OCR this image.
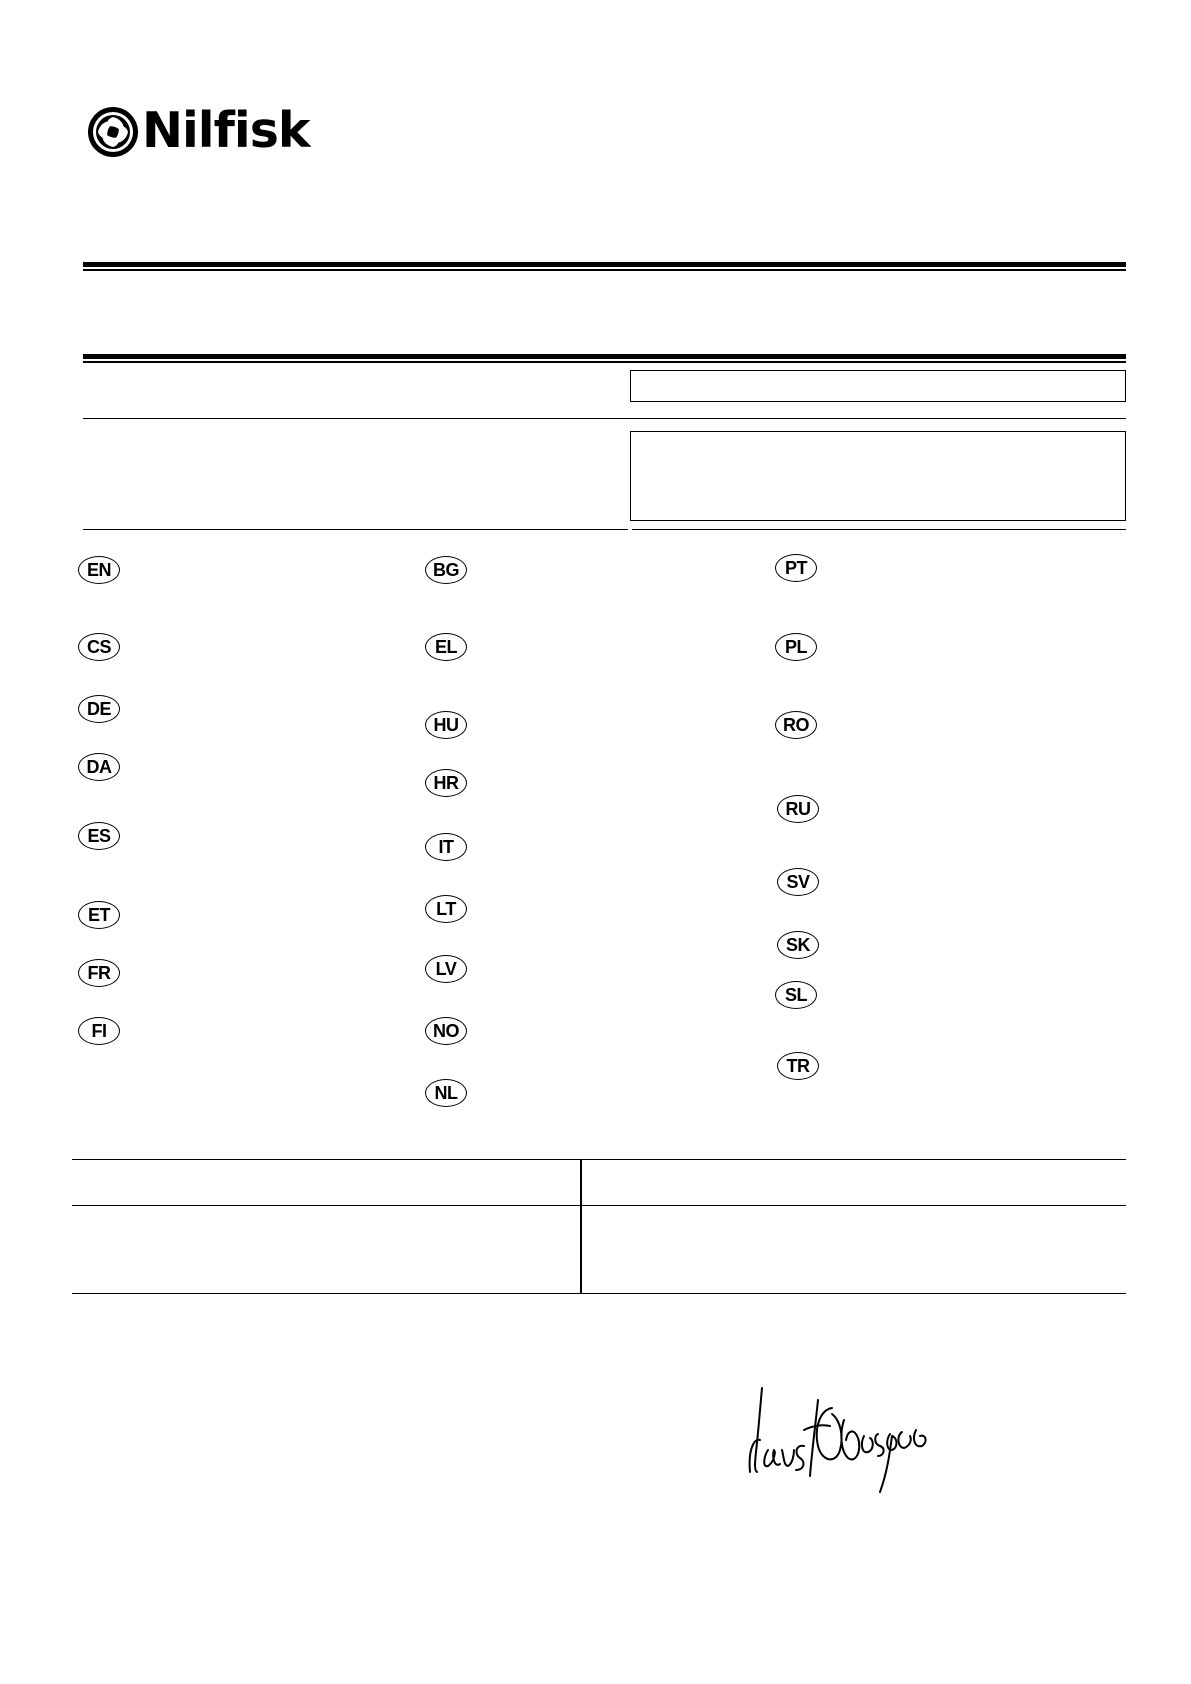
Nilfisk
EN
CS
DE
DA
ES
ET
FR
FI
BG
EL
HU
HR
IT
LT
LV
NO
NL
PT
PL
RO
RU
SV
SK
SL
TR
